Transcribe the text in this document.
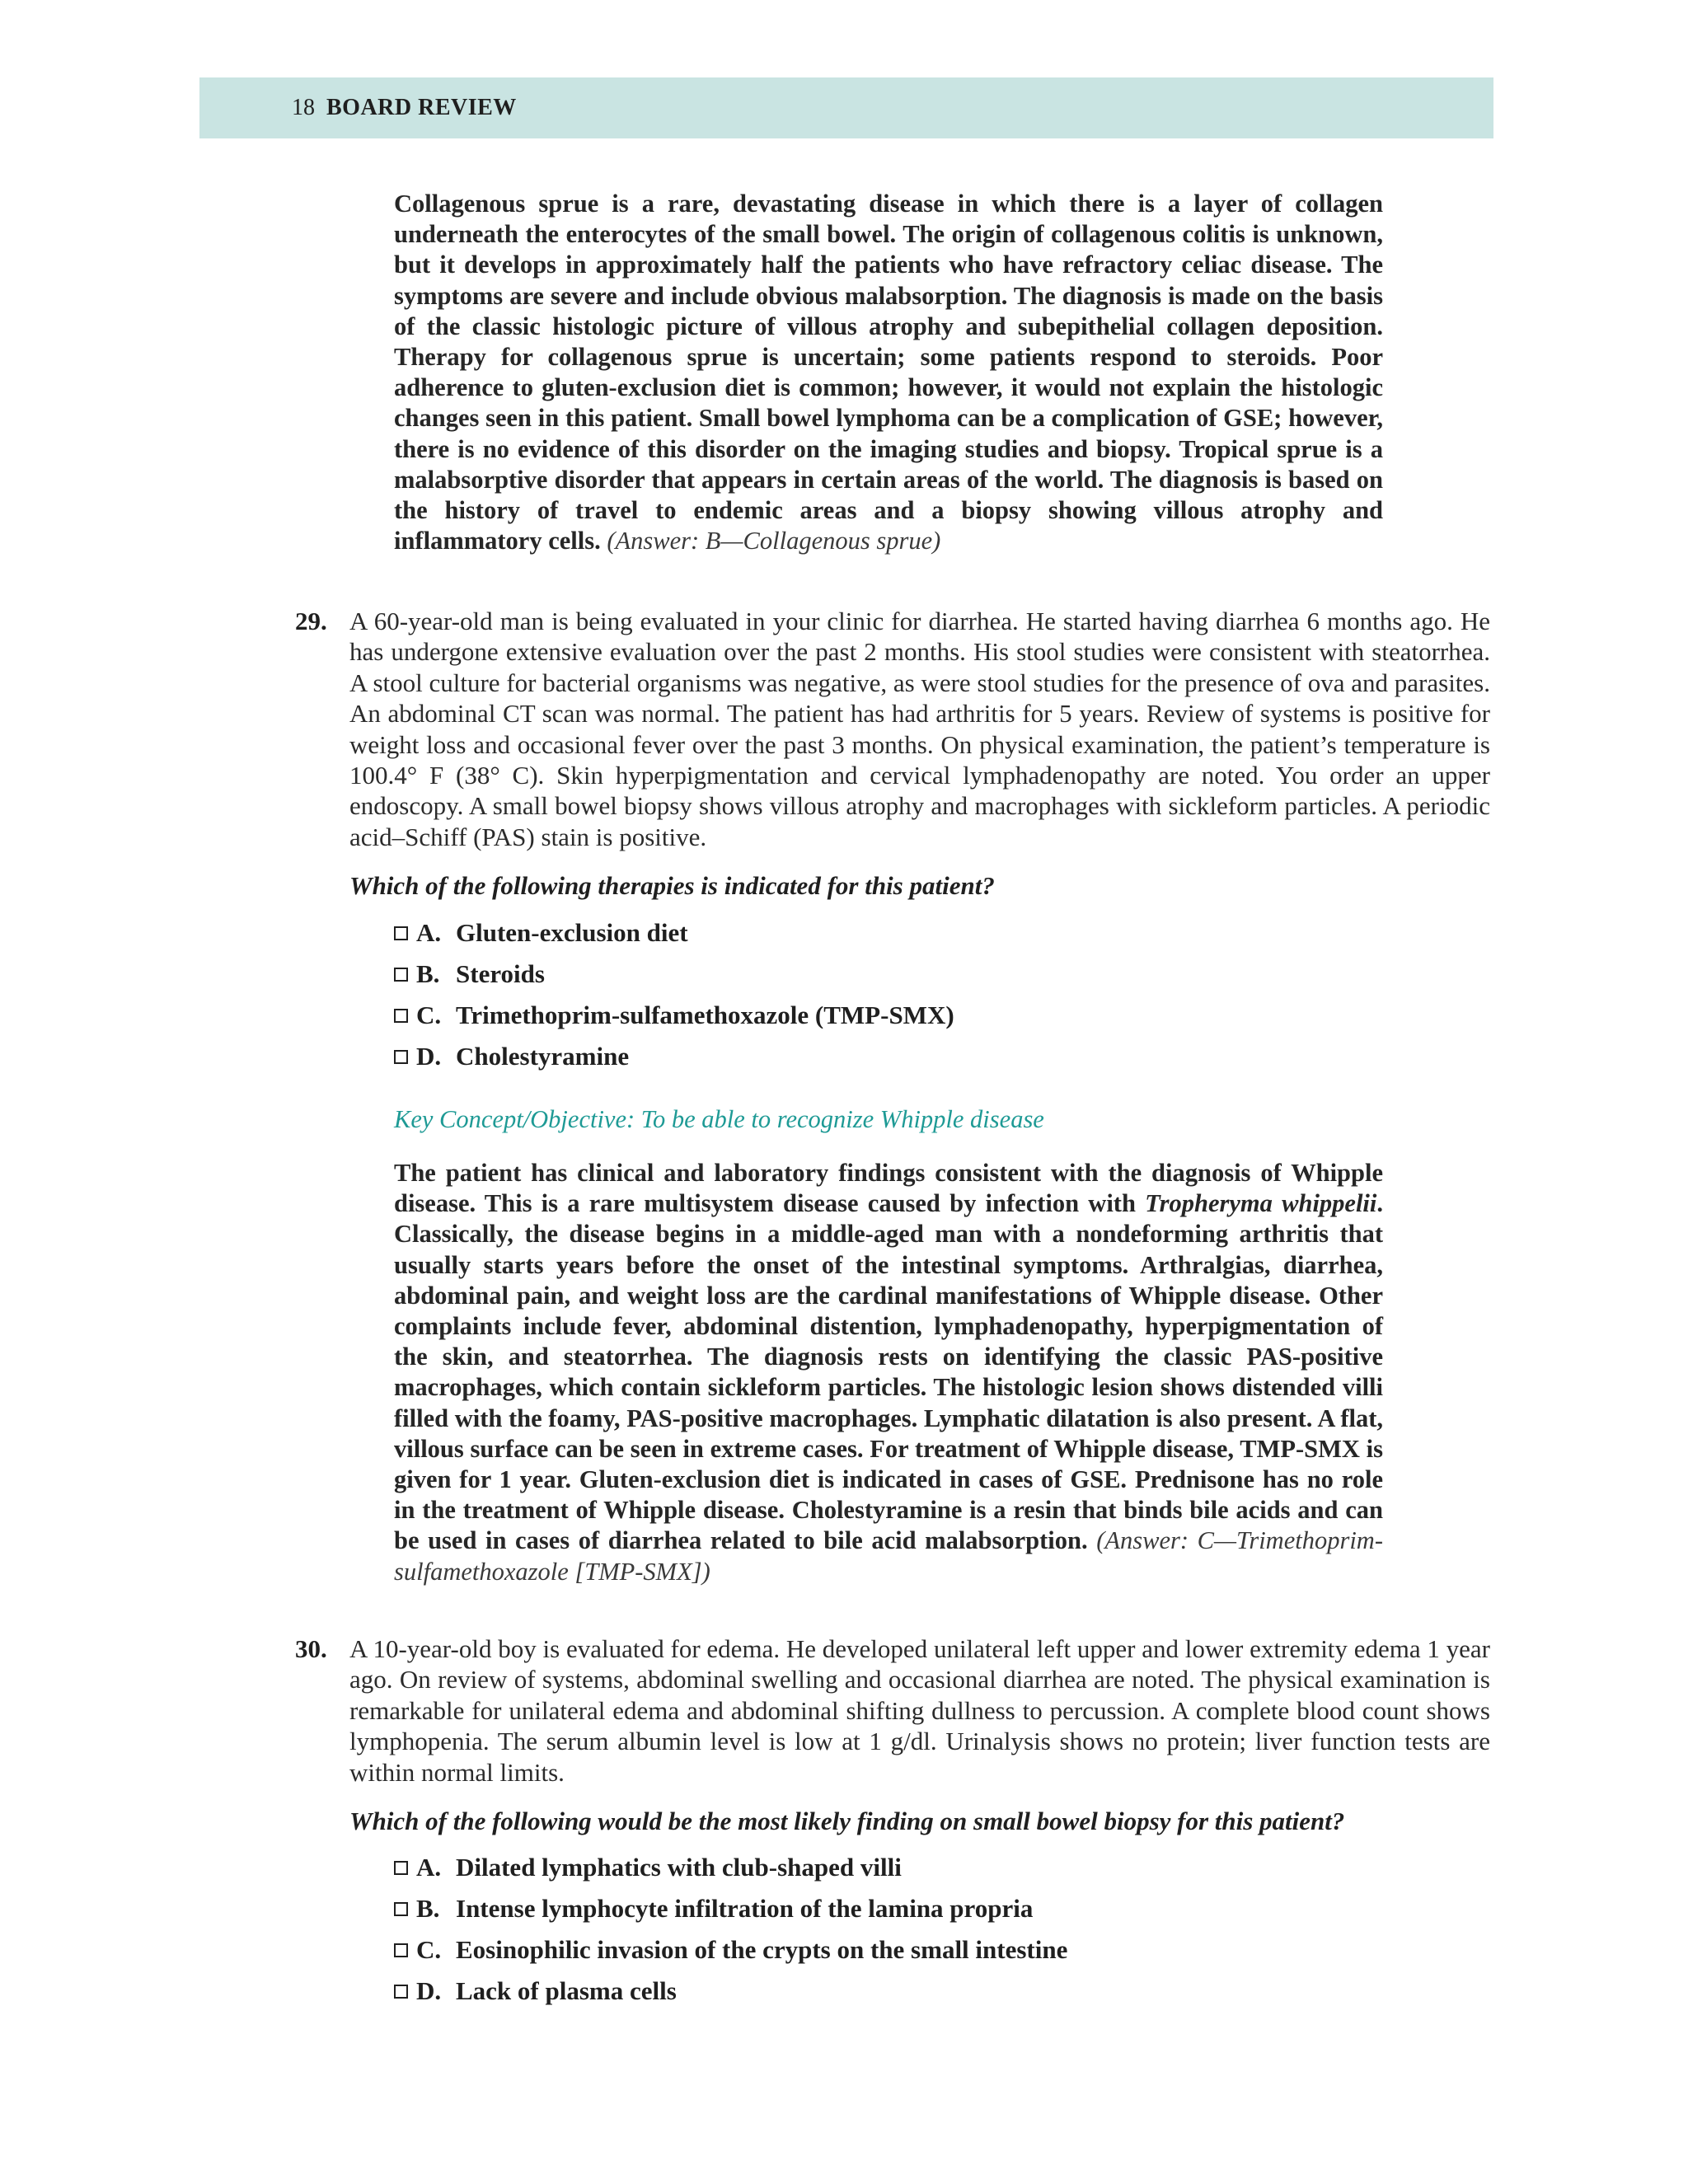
18 BOARD REVIEW

Collagenous sprue is a rare, devastating disease in which there is a layer of collagen underneath the enterocytes of the small bowel. The origin of collagenous colitis is unknown, but it develops in approximately half the patients who have refractory celiac disease. The symptoms are severe and include obvious malabsorption. The diagnosis is made on the basis of the classic histologic picture of villous atrophy and subepithelial collagen deposition. Therapy for collagenous sprue is uncertain; some patients respond to steroids. Poor adherence to gluten-exclusion diet is common; however, it would not explain the histologic changes seen in this patient. Small bowel lymphoma can be a complication of GSE; however, there is no evidence of this disorder on the imaging studies and biopsy. Tropical sprue is a malabsorptive disorder that appears in certain areas of the world. The diagnosis is based on the history of travel to endemic areas and a biopsy showing villous atrophy and inflammatory cells. (Answer: B—Collagenous sprue)

29. A 60-year-old man is being evaluated in your clinic for diarrhea. He started having diarrhea 6 months ago. He has undergone extensive evaluation over the past 2 months. His stool studies were consistent with steatorrhea. A stool culture for bacterial organisms was negative, as were stool studies for the presence of ova and parasites. An abdominal CT scan was normal. The patient has had arthritis for 5 years. Review of systems is positive for weight loss and occasional fever over the past 3 months. On physical examination, the patient’s temperature is 100.4° F (38° C). Skin hyperpigmentation and cervical lymphadenopathy are noted. You order an upper endoscopy. A small bowel biopsy shows villous atrophy and macrophages with sickleform particles. A periodic acid–Schiff (PAS) stain is positive.

Which of the following therapies is indicated for this patient?

A. Gluten-exclusion diet
B. Steroids
C. Trimethoprim-sulfamethoxazole (TMP-SMX)
D. Cholestyramine

Key Concept/Objective: To be able to recognize Whipple disease

The patient has clinical and laboratory findings consistent with the diagnosis of Whipple disease. This is a rare multisystem disease caused by infection with Tropheryma whippelii. Classically, the disease begins in a middle-aged man with a nondeforming arthritis that usually starts years before the onset of the intestinal symptoms. Arthralgias, diarrhea, abdominal pain, and weight loss are the cardinal manifestations of Whipple disease. Other complaints include fever, abdominal distention, lymphadenopathy, hyperpigmentation of the skin, and steatorrhea. The diagnosis rests on identifying the classic PAS-positive macrophages, which contain sickleform particles. The histologic lesion shows distended villi filled with the foamy, PAS-positive macrophages. Lymphatic dilatation is also present. A flat, villous surface can be seen in extreme cases. For treatment of Whipple disease, TMP-SMX is given for 1 year. Gluten-exclusion diet is indicated in cases of GSE. Prednisone has no role in the treatment of Whipple disease. Cholestyramine is a resin that binds bile acids and can be used in cases of diarrhea related to bile acid malabsorption. (Answer: C—Trimethoprim-sulfamethoxazole [TMP-SMX])

30. A 10-year-old boy is evaluated for edema. He developed unilateral left upper and lower extremity edema 1 year ago. On review of systems, abdominal swelling and occasional diarrhea are noted. The physical examination is remarkable for unilateral edema and abdominal shifting dullness to percussion. A complete blood count shows lymphopenia. The serum albumin level is low at 1 g/dl. Urinalysis shows no protein; liver function tests are within normal limits.

Which of the following would be the most likely finding on small bowel biopsy for this patient?

A. Dilated lymphatics with club-shaped villi
B. Intense lymphocyte infiltration of the lamina propria
C. Eosinophilic invasion of the crypts on the small intestine
D. Lack of plasma cells
